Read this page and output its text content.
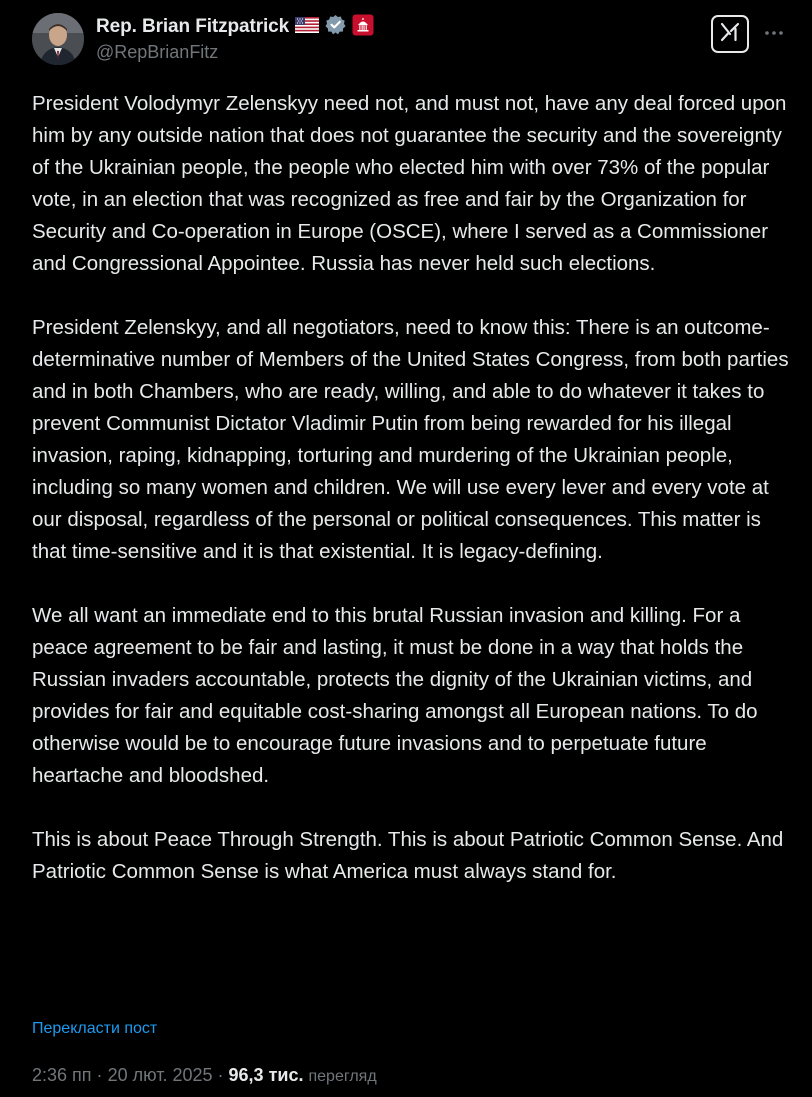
Rep. Brian Fitzpatrick
@RepBrianFitz

President Volodymyr Zelenskyy need not, and must not, have any deal forced upon him by any outside nation that does not guarantee the security and the sovereignty of the Ukrainian people, the people who elected him with over 73% of the popular vote, in an election that was recognized as free and fair by the Organization for Security and Co-operation in Europe (OSCE), where I served as a Commissioner and Congressional Appointee. Russia has never held such elections.

President Zelenskyy, and all negotiators, need to know this: There is an outcome-determinative number of Members of the United States Congress, from both parties and in both Chambers, who are ready, willing, and able to do whatever it takes to prevent Communist Dictator Vladimir Putin from being rewarded for his illegal invasion, raping, kidnapping, torturing and murdering of the Ukrainian people, including so many women and children. We will use every lever and every vote at our disposal, regardless of the personal or political consequences. This matter is that time-sensitive and it is that existential. It is legacy-defining.

We all want an immediate end to this brutal Russian invasion and killing. For a peace agreement to be fair and lasting, it must be done in a way that holds the Russian invaders accountable, protects the dignity of the Ukrainian victims, and provides for fair and equitable cost-sharing amongst all European nations. To do otherwise would be to encourage future invasions and to perpetuate future heartache and bloodshed.

This is about Peace Through Strength. This is about Patriotic Common Sense. And Patriotic Common Sense is what America must always stand for.

Перекласти пост
2:36 пп · 20 лют. 2025 · 96,3 тис. перегляд
